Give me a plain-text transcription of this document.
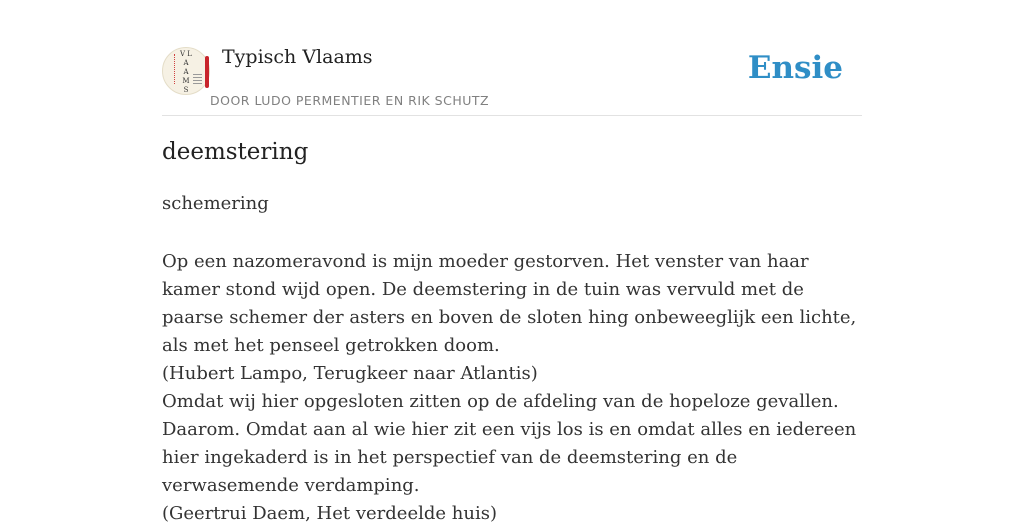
V L A A M S
Typisch Vlaams
DOOR LUDO PERMENTIER EN RIK SCHUTZ
Ensie
deemstering
schemering

Op een nazomeravond is mijn moeder gestorven. Het venster van haar kamer stond wijd open. De deemstering in de tuin was vervuld met de paarse schemer der asters en boven de sloten hing onbeweeglijk een lichte, als met het penseel getrokken doom.

(Hubert Lampo, Terugkeer naar Atlantis)

Omdat wij hier opgesloten zitten op de afdeling van de hopeloze gevallen. Daarom. Omdat aan al wie hier zit een vijs los is en omdat alles en iedereen hier ingekaderd is in het perspectief van de deemstering en de verwasemende verdamping.

(Geertrui Daem, Het verdeelde huis)
